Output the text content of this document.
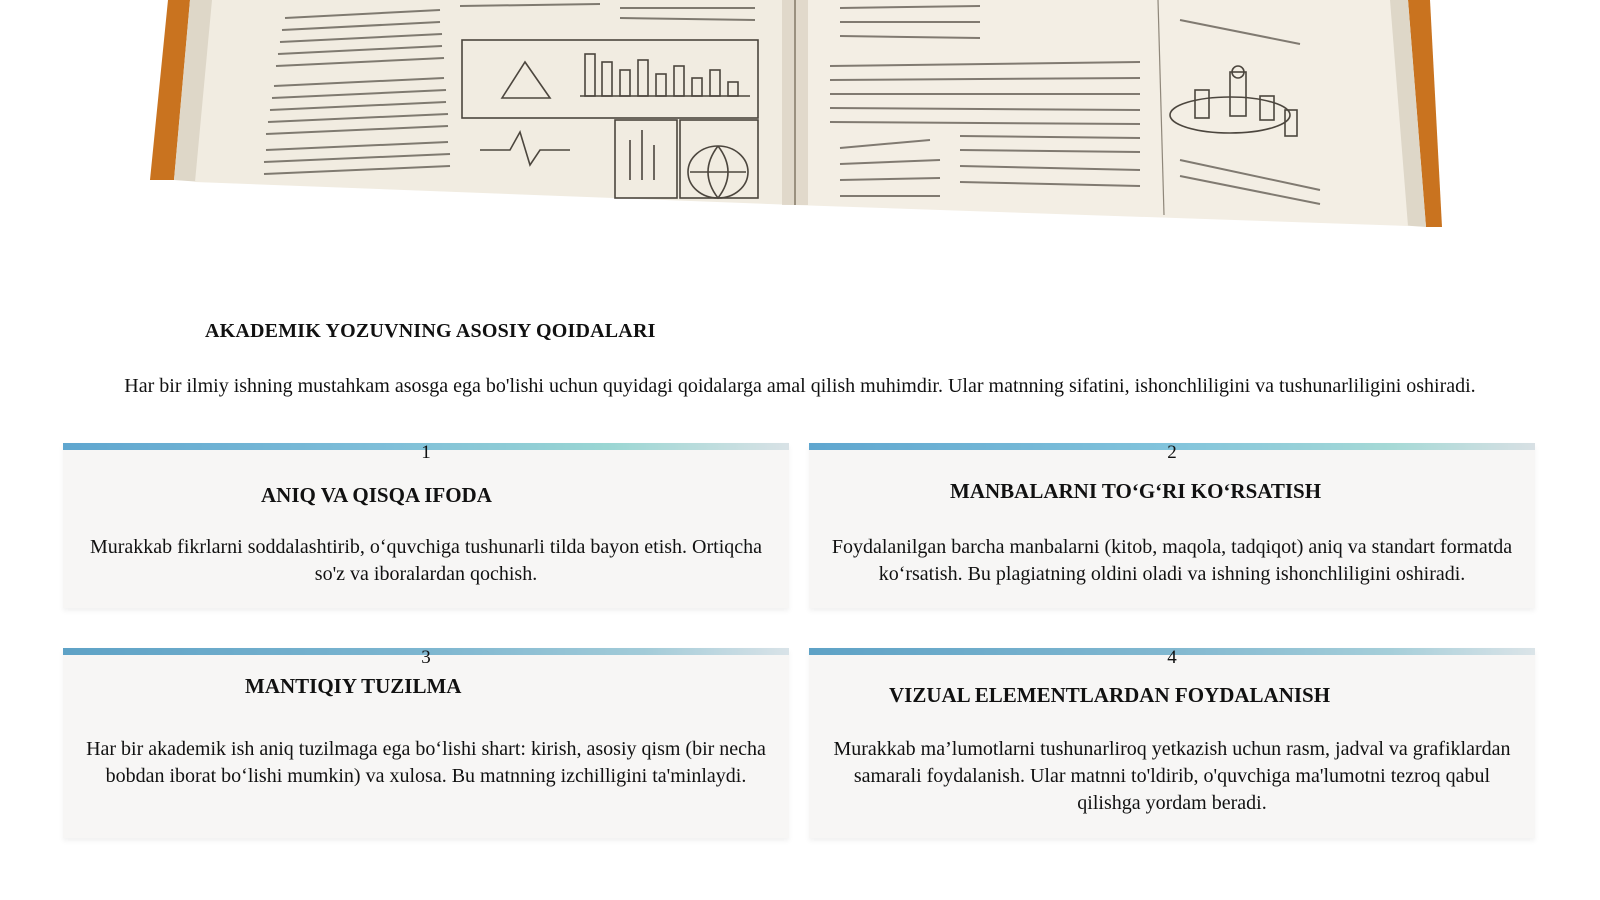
AKADEMIK YOZUVNING ASOSIY QOIDALARI
Har bir ilmiy ishning mustahkam asosga ega bo'lishi uchun quyidagi qoidalarga amal qilish muhimdir. Ular matnning sifatini, ishonchliligini va tushunarliligini oshiradi.
1
ANIQ VA QISQA IFODA
Murakkab fikrlarni soddalashtirib, o‘quvchiga tushunarli tilda bayon etish. Ortiqcha so'z va iboralardan qochish.
2
MANBALARNI TO‘G‘RI KO‘RSATISH
Foydalanilgan barcha manbalarni (kitob, maqola, tadqiqot) aniq va standart formatda ko‘rsatish. Bu plagiatning oldini oladi va ishning ishonchliligini oshiradi.
3
MANTIQIY TUZILMA
Har bir akademik ish aniq tuzilmaga ega bo‘lishi shart: kirish, asosiy qism (bir necha bobdan iborat bo‘lishi mumkin) va xulosa. Bu matnning izchilligini ta'minlaydi.
4
VIZUAL ELEMENTLARDAN FOYDALANISH
Murakkab ma’lumotlarni tushunarliroq yetkazish uchun rasm, jadval va grafiklardan samarali foydalanish. Ular matnni to'ldirib, o'quvchiga ma'lumotni tezroq qabul qilishga yordam beradi.
